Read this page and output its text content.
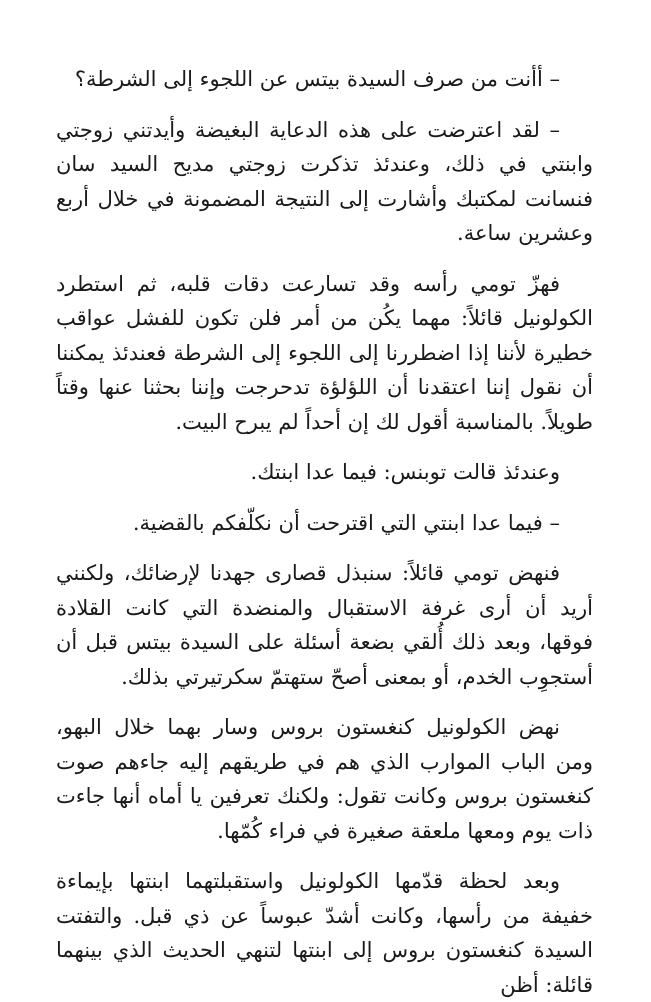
– أأنت من صرف السيدة بيتس عن اللجوء إلى الشرطة؟

– لقد اعترضت على هذه الدعاية البغيضة وأيدتني زوجتي وابنتي في ذلك، وعندئذ تذكرت زوجتي مديح السيد سان فنسانت لمكتبك وأشارت إلى النتيجة المضمونة في خلال أربع وعشرين ساعة.

فهزّ تومي رأسه وقد تسارعت دقات قلبه، ثم استطرد الكولونيل قائلاً: مهما يكُن من أمر فلن تكون للفشل عواقب خطيرة لأننا إذا اضطررنا إلى اللجوء إلى الشرطة فعندئذ يمكننا أن نقول إننا اعتقدنا أن اللؤلؤة تدحرجت وإننا بحثنا عنها وقتاً طويلاً. بالمناسبة أقول لك إن أحداً لم يبرح البيت.

وعندئذ قالت توبنس: فيما عدا ابنتك.

– فيما عدا ابنتي التي اقترحت أن نكلّفكم بالقضية.

فنهض تومي قائلاً: سنبذل قصارى جهدنا لإرضائك، ولكنني أريد أن أرى غرفة الاستقبال والمنضدة التي كانت القلادة فوقها، وبعد ذلك أُلقي بضعة أسئلة على السيدة بيتس قبل أن أستجوِب الخدم، أو بمعنى أصحّ ستهتمّ سكرتيرتي بذلك.

نهض الكولونيل كنغستون بروس وسار بهما خلال البهو، ومن الباب الموارب الذي هم في طريقهم إليه جاءهم صوت كنغستون بروس وكانت تقول: ولكنك تعرفين يا أماه أنها جاءت ذات يوم ومعها ملعقة صغيرة في فراء كُمّها.

وبعد لحظة قدّمها الكولونيل واستقبلتهما ابنتها بإيماءة خفيفة من رأسها، وكانت أشدّ عبوساً عن ذي قبل. والتفتت السيدة كنغستون بروس إلى ابنتها لتنهي الحديث الذي بينهما قائلة: أظن
